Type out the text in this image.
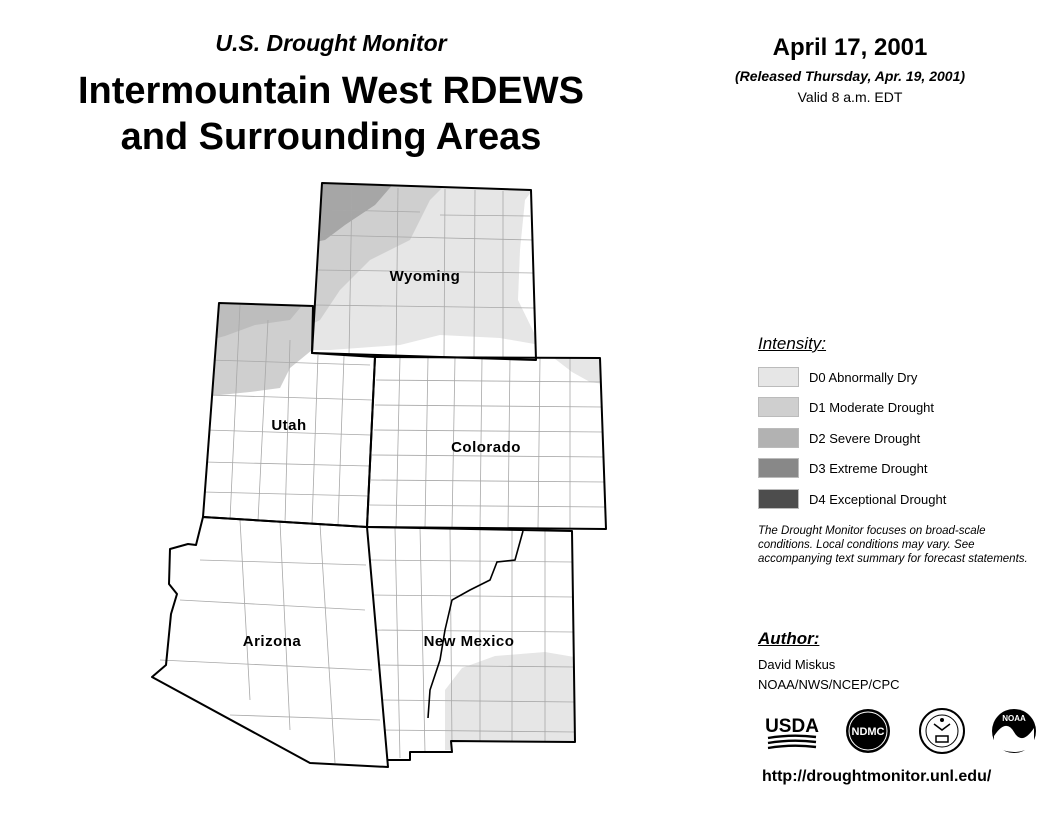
U.S. Drought Monitor
Intermountain West RDEWS
and Surrounding Areas
April 17, 2001
(Released Thursday, Apr. 19, 2001)
Valid 8 a.m. EDT
Wyoming
Utah
Colorado
Arizona	New Mexico
Intensity:
D0 Abnormally Dry
D1 Moderate Drought
D2 Severe Drought
D3 Extreme Drought
D4 Exceptional Drought
The Drought Monitor focuses on broad-scale conditions. Local conditions may vary. See accompanying text summary for forecast statements.
Author:
David Miskus
NOAA/NWS/NCEP/CPC
USDA	NDMC
NOAA
http://droughtmonitor.unl.edu/
